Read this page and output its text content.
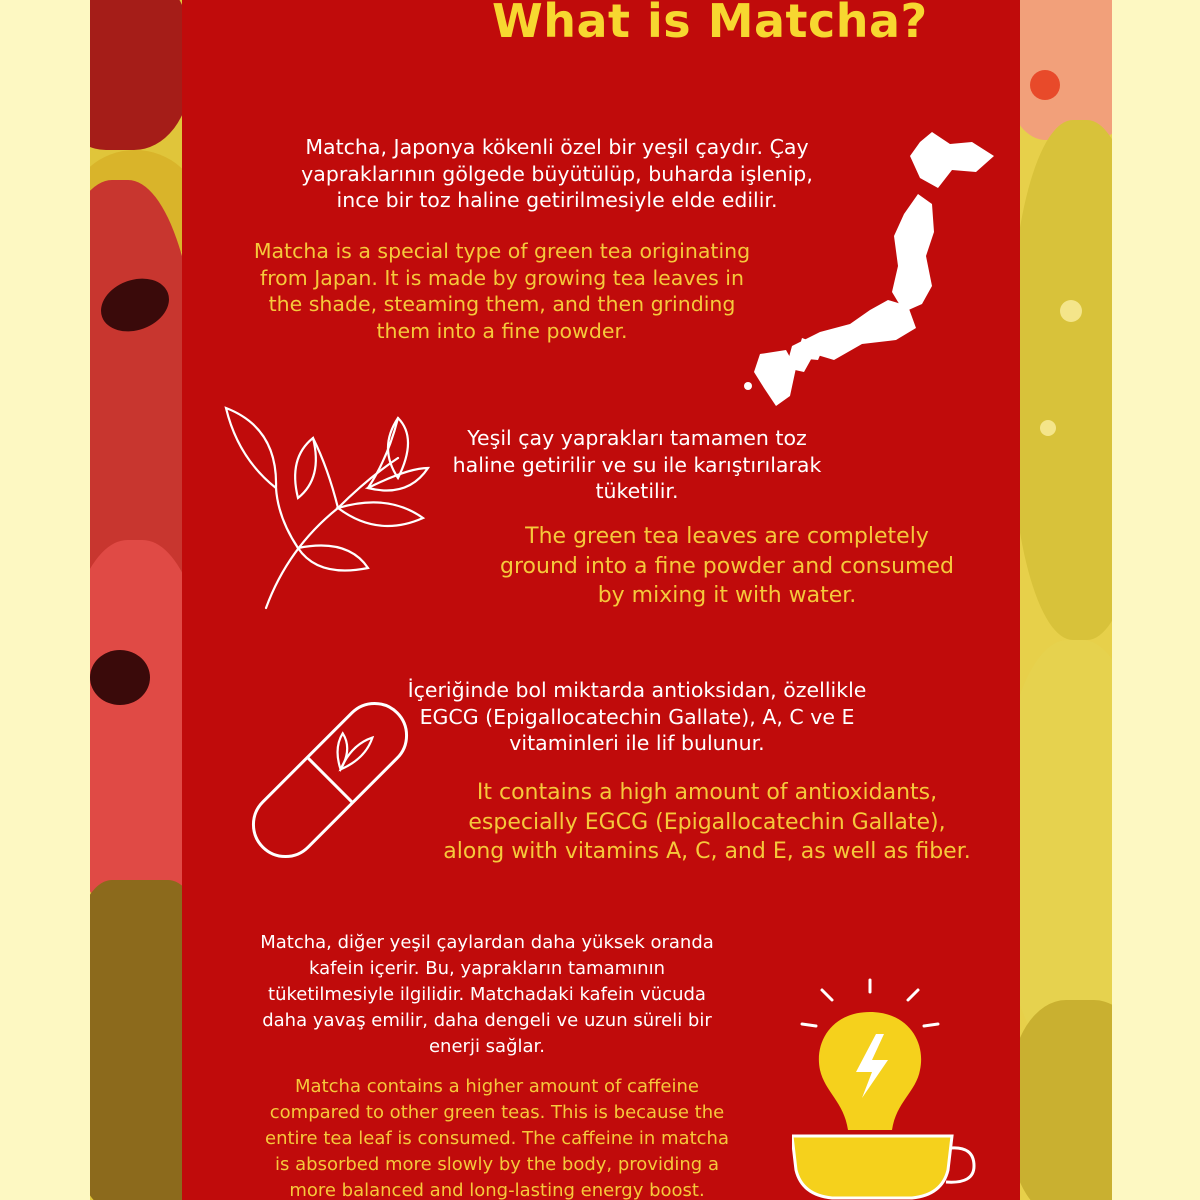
What is Matcha?
Matcha, Japonya kökenli özel bir yeşil çaydır. Çay
yapraklarının gölgede büyütülüp, buharda işlenip,
ince bir toz haline getirilmesiyle elde edilir.
Matcha is a special type of green tea originating
from Japan. It is made by growing tea leaves in
the shade, steaming them, and then grinding
them into a fine powder.
Yeşil çay yaprakları tamamen toz
haline getirilir ve su ile karıştırılarak
tüketilir.
The green tea leaves are completely
ground into a fine powder and consumed
by mixing it with water.
İçeriğinde bol miktarda antioksidan, özellikle
EGCG (Epigallocatechin Gallate), A, C ve E
vitaminleri ile lif bulunur.
It contains a high amount of antioxidants,
especially EGCG (Epigallocatechin Gallate),
along with vitamins A, C, and E, as well as fiber.
Matcha, diğer yeşil çaylardan daha yüksek oranda
kafein içerir. Bu, yaprakların tamamının
tüketilmesiyle ilgilidir. Matchadaki kafein vücuda
daha yavaş emilir, daha dengeli ve uzun süreli bir
enerji sağlar.
Matcha contains a higher amount of caffeine
compared to other green teas. This is because the
entire tea leaf is consumed. The caffeine in matcha
is absorbed more slowly by the body, providing a
more balanced and long-lasting energy boost.
